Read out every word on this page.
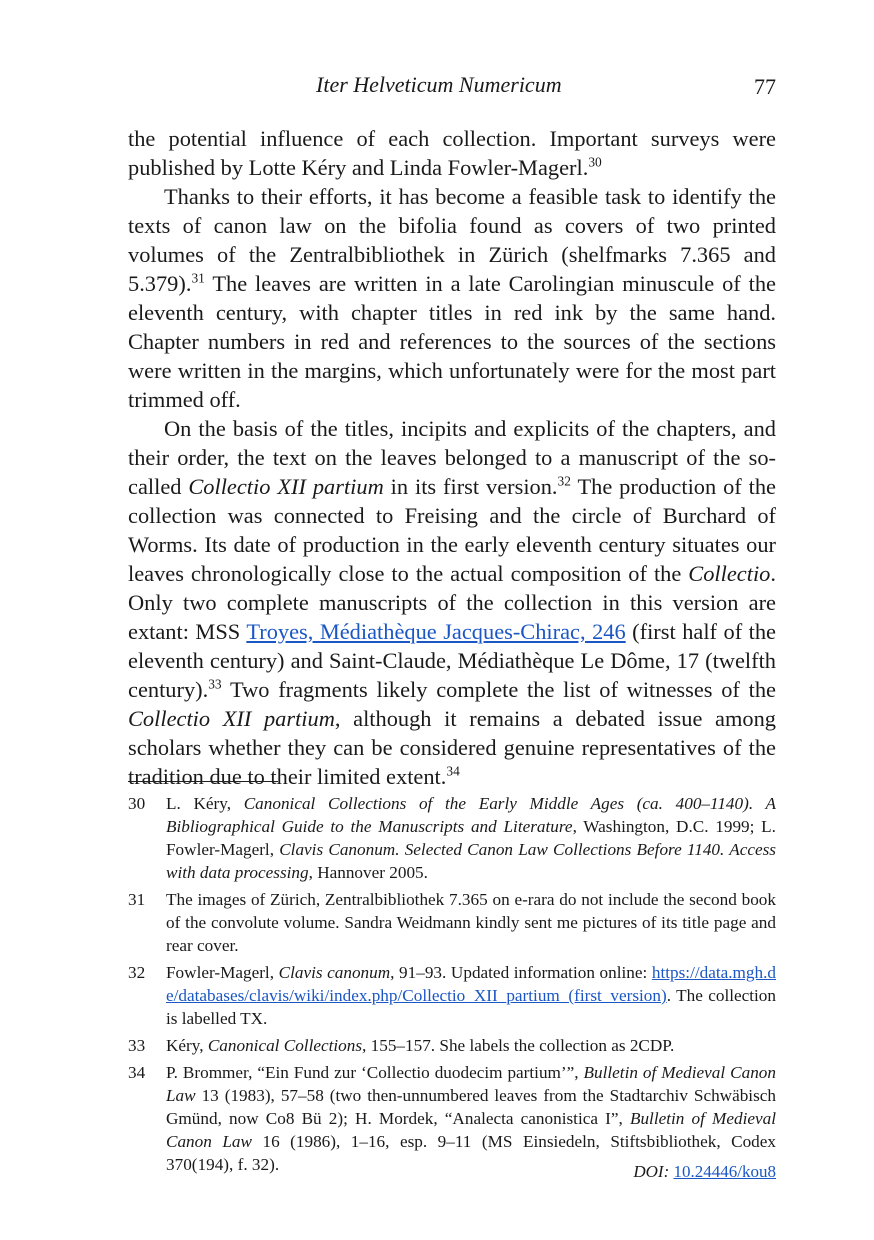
Iter Helveticum Numericum	77

the potential influence of each collection. Important surveys were published by Lotte Kéry and Linda Fowler-Magerl.$^{30}$

Thanks to their efforts, it has become a feasible task to identify the texts of canon law on the bifolia found as covers of two printed volumes of the Zentralbibliothek in Zürich (shelfmarks 7.365 and 5.379).$^{31}$ The leaves are written in a late Carolingian minuscule of the eleventh century, with chapter titles in red ink by the same hand. Chapter numbers in red and references to the sources of the sections were written in the margins, which unfortunately were for the most part trimmed off.

On the basis of the titles, incipits and explicits of the chapters, and their order, the text on the leaves belonged to a manuscript of the so-called Collectio XII partium in its first version.$^{32}$ The production of the collection was connected to Freising and the circle of Burchard of Worms. Its date of production in the early eleventh century situates our leaves chronologically close to the actual composition of the Collectio. Only two complete manuscripts of the collection in this version are extant: MSS Troyes, Médiathèque Jacques-Chirac, 246 (first half of the eleventh century) and Saint-Claude, Médiathèque Le Dôme, 17 (twelfth century).$^{33}$ Two fragments likely complete the list of witnesses of the Collectio XII partium, although it remains a debated issue among scholars whether they can be considered genuine representatives of the tradition due to their limited extent.$^{34}$

30 L. Kéry, Canonical Collections of the Early Middle Ages (ca. 400–1140). A Bibliographical Guide to the Manuscripts and Literature, Washington, D.C. 1999; L. Fowler-Magerl, Clavis Canonum. Selected Canon Law Collections Before 1140. Access with data processing, Hannover 2005.
31 The images of Zürich, Zentralbibliothek 7.365 on e-rara do not include the second book of the convolute volume. Sandra Weidmann kindly sent me pictures of its title page and rear cover.
32 Fowler-Magerl, Clavis canonum, 91–93. Updated information online: https://data.mgh.de/databases/clavis/wiki/index.php/Collectio_XII_partium_(first_version). The collection is labelled TX.
33 Kéry, Canonical Collections, 155–157. She labels the collection as 2CDP.
34 P. Brommer, “Ein Fund zur ‘Collectio duodecim partium’”, Bulletin of Medieval Canon Law 13 (1983), 57–58 (two then-unnumbered leaves from the Stadtarchiv Schwäbisch Gmünd, now Co8 Bü 2); H. Mordek, “Analecta canonistica I”, Bulletin of Medieval Canon Law 16 (1986), 1–16, esp. 9–11 (MS Einsiedeln, Stiftsbibliothek, Codex 370(194), f. 32).	DOI: 10.24446/kou8
